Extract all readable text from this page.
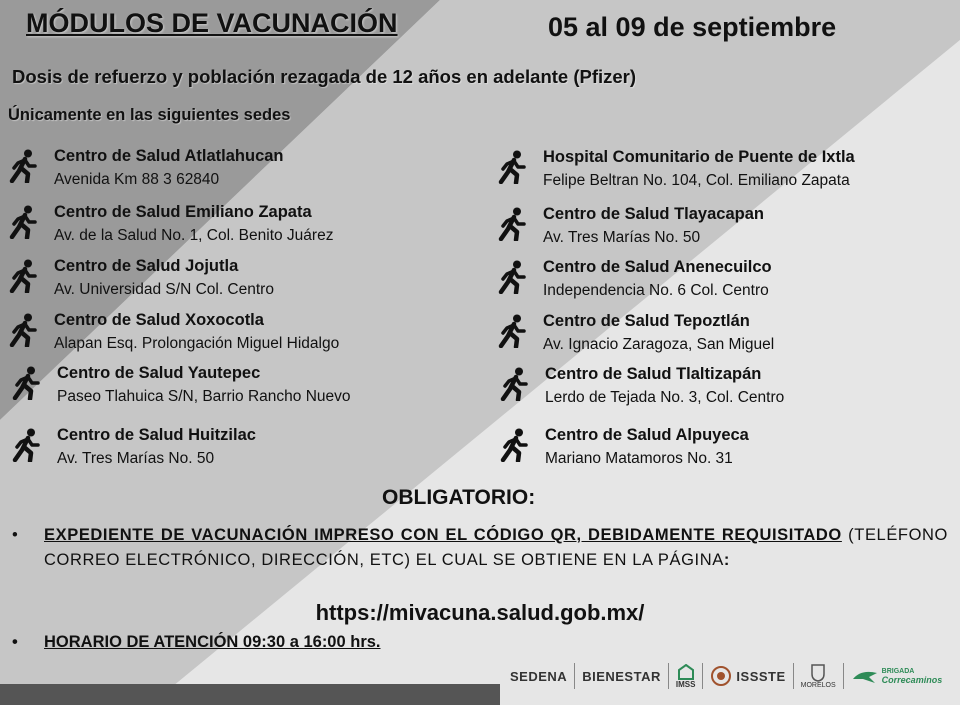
MÓDULOS DE VACUNACIÓN	05 al 09 de septiembre
Dosis de refuerzo y población rezagada de 12 años en adelante (Pfizer)
Únicamente en las siguientes sedes
Centro de Salud Atlatlahucan
Avenida Km 88 3 62840
Centro de Salud Emiliano Zapata
Av. de la Salud No. 1, Col. Benito Juárez
Centro de Salud Jojutla
Av. Universidad S/N Col. Centro
Centro de Salud Xoxocotla
Alapan Esq. Prolongación Miguel Hidalgo
Centro de Salud Yautepec
Paseo Tlahuica S/N, Barrio Rancho Nuevo
Centro de Salud Huitzilac
Av. Tres Marías No. 50
Hospital Comunitario de Puente de Ixtla
Felipe Beltran No. 104, Col. Emiliano Zapata
Centro de Salud Tlayacapan
Av. Tres Marías No. 50
Centro de Salud Anenecuilco
Independencia No. 6 Col. Centro
Centro de Salud Tepoztlán
Av. Ignacio Zaragoza, San Miguel
Centro de Salud Tlaltizapán
Lerdo de Tejada No. 3, Col. Centro
Centro de Salud Alpuyeca
Mariano Matamoros No. 31
OBLIGATORIO:
• EXPEDIENTE DE VACUNACIÓN IMPRESO CON EL CÓDIGO QR, DEBIDAMENTE REQUISITADO (TELÉFONO CORREO ELECTRÓNICO, DIRECCIÓN, ETC) EL CUAL SE OBTIENE EN LA PÁGINA:
https://mivacuna.salud.gob.mx/
• HORARIO DE ATENCIÓN 09:30 a 16:00 hrs.
SEDENA BIENESTAR
IMSS
ISSSTE
MORELOS
BRIGADA
Correcaminos
